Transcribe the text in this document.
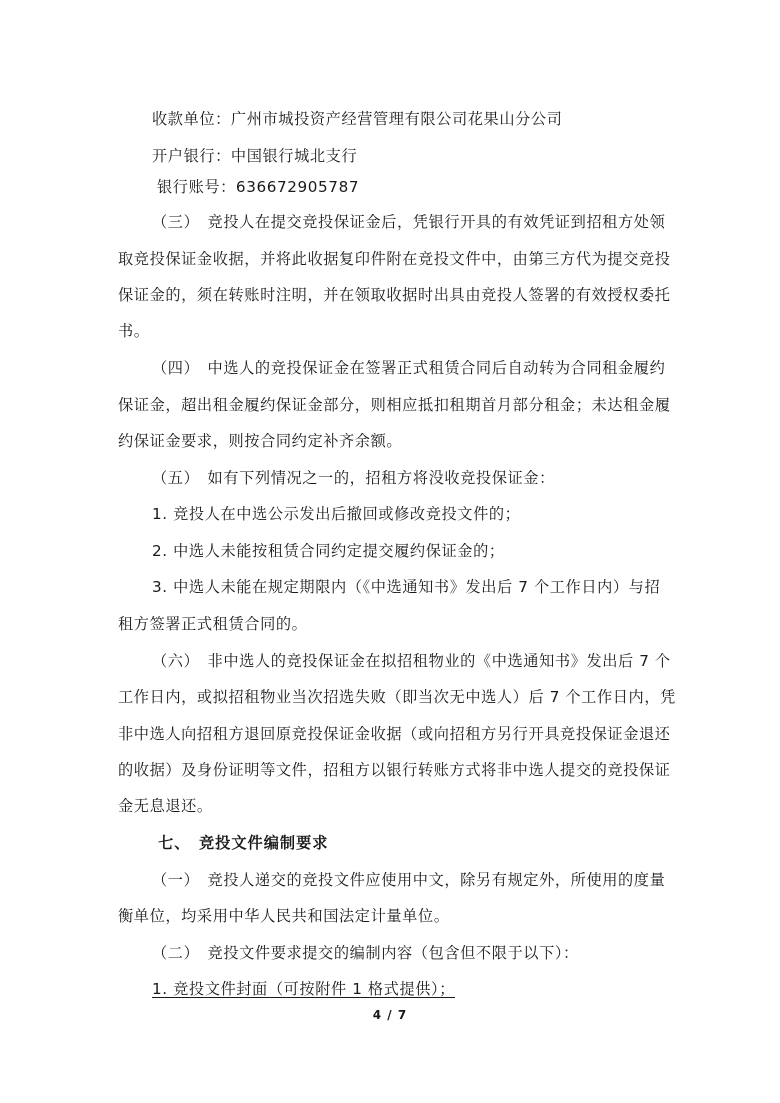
收款单位：广州市城投资产经营管理有限公司花果山分公司
开户银行：中国银行城北支行
银行账号：636672905787
（三）　竞投人在提交竞投保证金后，凭银行开具的有效凭证到招租方处领
取竞投保证金收据，并将此收据复印件附在竞投文件中，由第三方代为提交竞投
保证金的，须在转账时注明，并在领取收据时出具由竞投人签署的有效授权委托
书。
（四）　中选人的竞投保证金在签署正式租赁合同后自动转为合同租金履约
保证金，超出租金履约保证金部分，则相应抵扣租期首月部分租金；未达租金履
约保证金要求，则按合同约定补齐余额。
（五）　如有下列情况之一的，招租方将没收竞投保证金：
1. 竞投人在中选公示发出后撤回或修改竞投文件的；
2. 中选人未能按租赁合同约定提交履约保证金的；
3. 中选人未能在规定期限内（《中选通知书》发出后 7 个工作日内）与招
租方签署正式租赁合同的。
（六）　非中选人的竞投保证金在拟招租物业的《中选通知书》发出后 7 个
工作日内，或拟招租物业当次招选失败（即当次无中选人）后 7 个工作日内，凭
非中选人向招租方退回原竞投保证金收据（或向招租方另行开具竞投保证金退还
的收据）及身份证明等文件，招租方以银行转账方式将非中选人提交的竞投保证
金无息退还。
七、　竞投文件编制要求
（一）　竞投人递交的竞投文件应使用中文，除另有规定外，所使用的度量
衡单位，均采用中华人民共和国法定计量单位。
（二）　竞投文件要求提交的编制内容（包含但不限于以下）：
1. 竞投文件封面（可按附件 1 格式提供）；
4 / 7
